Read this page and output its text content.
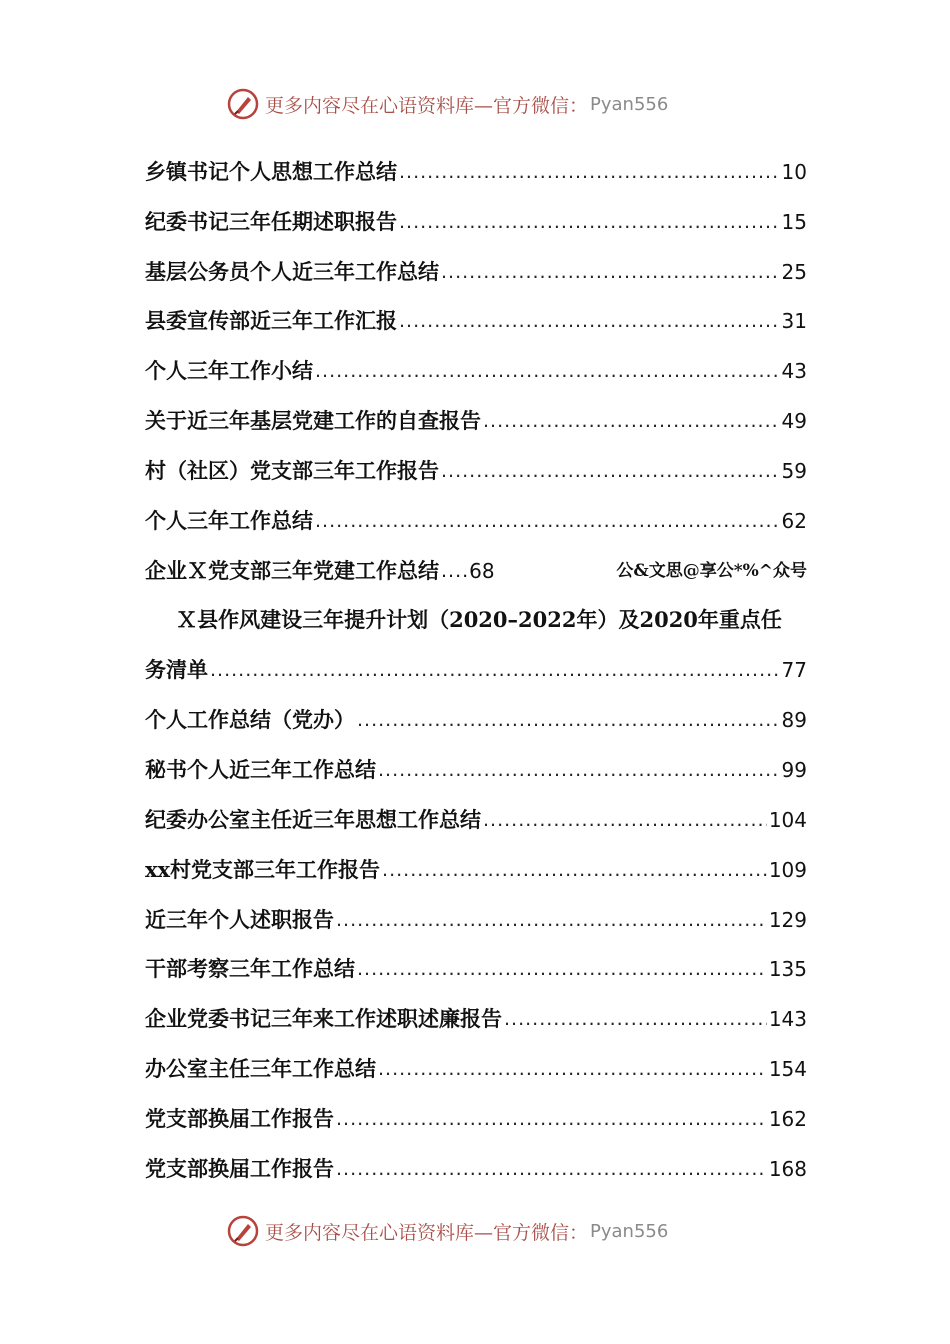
更多内容尽在心语资料库—官方微信： Pyan556
乡镇书记个人思想工作总结 .....	10
纪委书记三年任期述职报告 .....	15
基层公务员个人近三年工作总结 .....	25
县委宣传部近三年工作汇报 .....	31
个人三年工作小结 .....	43
关于近三年基层党建工作的自查报告 .....	49
村（社区）党支部三年工作报告 .....	59
个人三年工作总结 .....	62
企业Ｘ党支部三年党建工作总结 .... 68	公&文思@享公*%^众号
Ｘ县作风建设三年提升计划（2020–2022年）及2020年重点任
务清单 .....	77
个人工作总结（党办） .....	89
秘书个人近三年工作总结 .....	99
纪委办公室主任近三年思想工作总结 .....	104
xx村党支部三年工作报告 .....	109
近三年个人述职报告 .....	129
干部考察三年工作总结 .....	135
企业党委书记三年来工作述职述廉报告 .....	143
办公室主任三年工作总结 .....	154
党支部换届工作报告 .....	162
党支部换届工作报告 .....	168
更多内容尽在心语资料库—官方微信： Pyan556
